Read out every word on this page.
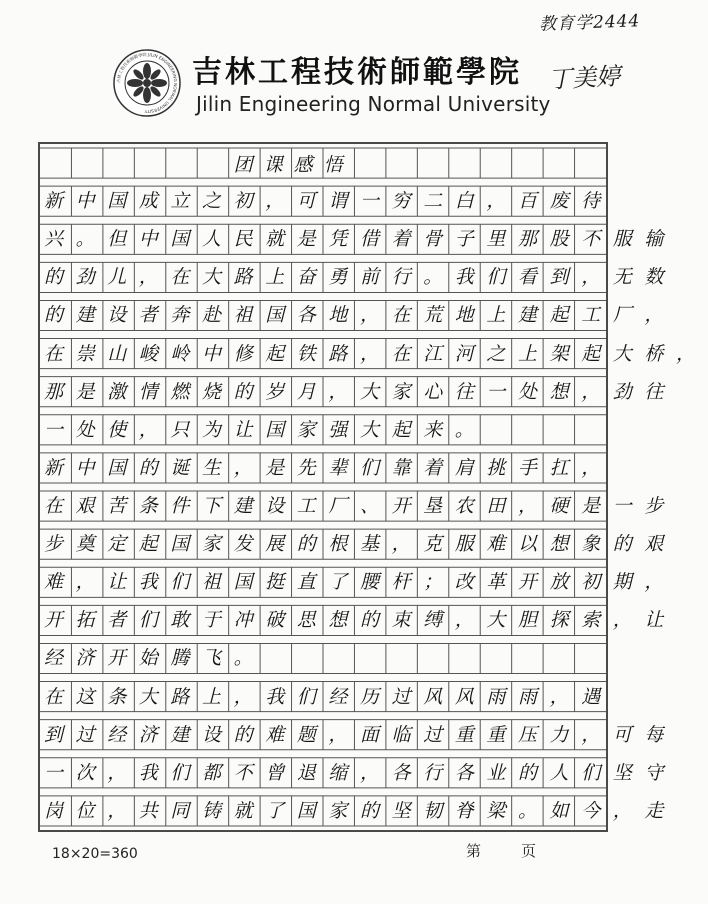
教育学2444
丁美婷
吉林工程技術師範學院 JILIN ENGINEERING NORMAL UNIVERSITY
吉林工程技術師範學院
Jilin Engineering Normal University
团课感悟
新中国成立之初，可谓一穷二白，百废待
兴。但中国人民就是凭借着骨子里那股不服输
的劲儿，在大路上奋勇前行。我们看到，无数
的建设者奔赴祖国各地，在荒地上建起工厂，
在崇山峻岭中修起铁路，在江河之上架起大桥，
那是激情燃烧的岁月，大家心往一处想，劲往
一处使，只为让国家强大起来。
新中国的诞生，是先辈们靠着肩挑手扛，
在艰苦条件下建设工厂、开垦农田，硬是一步
步奠定起国家发展的根基，克服难以想象的艰
难，让我们祖国挺直了腰杆；改革开放初期，
开拓者们敢于冲破思想的束缚，大胆探索，让
经济开始腾飞。
在这条大路上，我们经历过风风雨雨，遇
到过经济建设的难题，面临过重重压力，可每
一次，我们都不曾退缩，各行各业的人们坚守
岗位，共同铸就了国家的坚韧脊梁。如今，走
18×20=360	第	页
